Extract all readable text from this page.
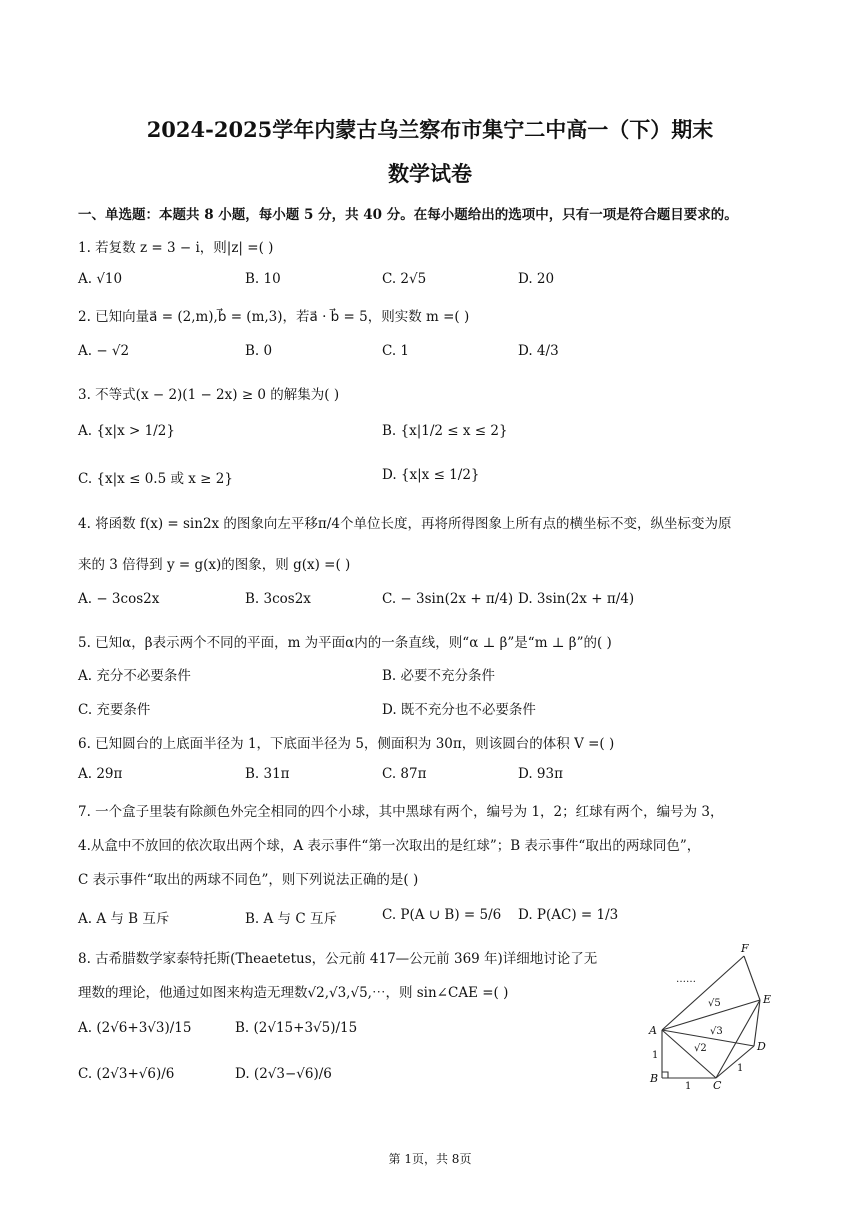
2024-2025学年内蒙古乌兰察布市集宁二中高一（下）期末
数学试卷
一、单选题：本题共 8 小题，每小题 5 分，共 40 分。在每小题给出的选项中，只有一项是符合题目要求的。
1. 若复数 z = 3 − i，则|z| =( )
A. √10	B. 10	C. 2√5	D. 20
2. 已知向量a⃗ = (2,m),b⃗ = (m,3)，若a⃗ · b⃗ = 5，则实数 m =( )
A. − √2	B. 0	C. 1	D. 4/3
3. 不等式(x − 2)(1 − 2x) ≥ 0 的解集为( )
A. {x|x > 1/2}	B. {x|1/2 ≤ x ≤ 2}
C. {x|x ≤ 0.5 或 x ≥ 2}	D. {x|x ≤ 1/2}
4. 将函数 f(x) = sin2x 的图象向左平移π/4个单位长度，再将所得图象上所有点的横坐标不变，纵坐标变为原
来的 3 倍得到 y = g(x)的图象，则 g(x) =( )
A. − 3cos2x	B. 3cos2x	C. − 3sin(2x + π/4) D. 3sin(2x + π/4)
5. 已知α，β表示两个不同的平面，m 为平面α内的一条直线，则“α ⊥ β”是“m ⊥ β”的( )
A. 充分不必要条件	B. 必要不充分条件
C. 充要条件	D. 既不充分也不必要条件
6. 已知圆台的上底面半径为 1，下底面半径为 5，侧面积为 30π，则该圆台的体积 V =( )
A. 29π	B. 31π	C. 87π	D. 93π
7. 一个盒子里装有除颜色外完全相同的四个小球，其中黑球有两个，编号为 1，2；红球有两个，编号为 3，
4.从盒中不放回的依次取出两个球，A 表示事件“第一次取出的是红球”；B 表示事件“取出的两球同色”，
C 表示事件“取出的两球不同色”，则下列说法正确的是( )
A. A 与 B 互斥	B. A 与 C 互斥	C. P(A ∪ B) = 5/6 D. P(AC) = 1/3
8. 古希腊数学家泰特托斯(Theaetetus，公元前 417—公元前 369 年)详细地讨论了无
理数的理论，他通过如图来构造无理数√2,√3,√5,⋯，则 sin∠CAE =( )
A. (2√6+3√3)/15	B. (2√15+3√5)/15
C. (2√3+√6)/6	D. (2√3−√6)/6
A
B
C
D
E
F
1
1
1
√2
√3
√5
……
第 1页，共 8页
